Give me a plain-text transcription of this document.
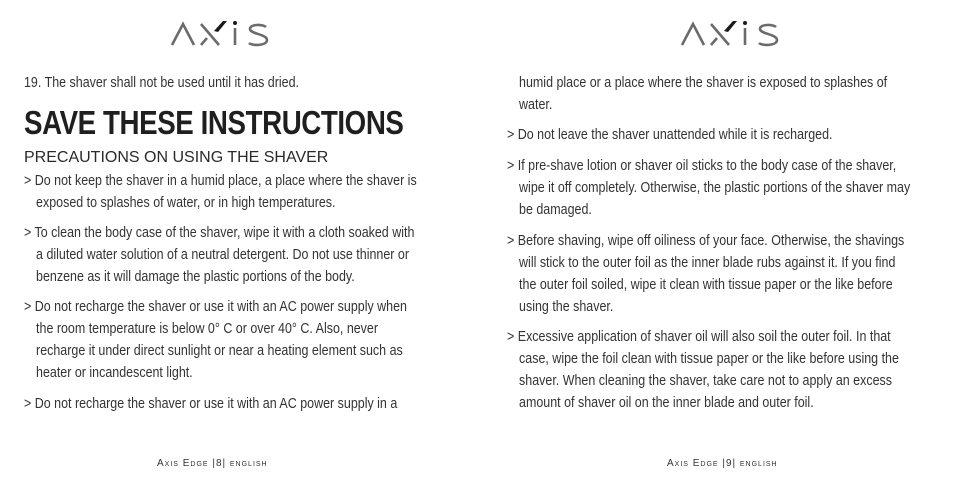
19. The shaver shall not be used until it has dried.
SAVE THESE INSTRUCTIONS
PRECAUTIONS ON USING THE SHAVER
> Do not keep the shaver in a humid place, a place where the shaver is
exposed to splashes of water, or in high temperatures.
> To clean the body case of the shaver, wipe it with a cloth soaked with
a diluted water solution of a neutral detergent. Do not use thinner or
benzene as it will damage the plastic portions of the body.
> Do not recharge the shaver or use it with an AC power supply when
the room temperature is below 0° C or over 40° C. Also, never
recharge it under direct sunlight or near a heating element such as
heater or incandescent light.
> Do not recharge the shaver or use it with an AC power supply in a
Axis Edge |8| english
humid place or a place where the shaver is exposed to splashes of
water.
> Do not leave the shaver unattended while it is recharged.
> If pre-shave lotion or shaver oil sticks to the body case of the shaver,
wipe it off completely. Otherwise, the plastic portions of the shaver may
be damaged.
> Before shaving, wipe off oiliness of your face. Otherwise, the shavings
will stick to the outer foil as the inner blade rubs against it. If you find
the outer foil soiled, wipe it clean with tissue paper or the like before
using the shaver.
> Excessive application of shaver oil will also soil the outer foil. In that
case, wipe the foil clean with tissue paper or the like before using the
shaver. When cleaning the shaver, take care not to apply an excess
amount of shaver oil on the inner blade and outer foil.
Axis Edge |9| english
